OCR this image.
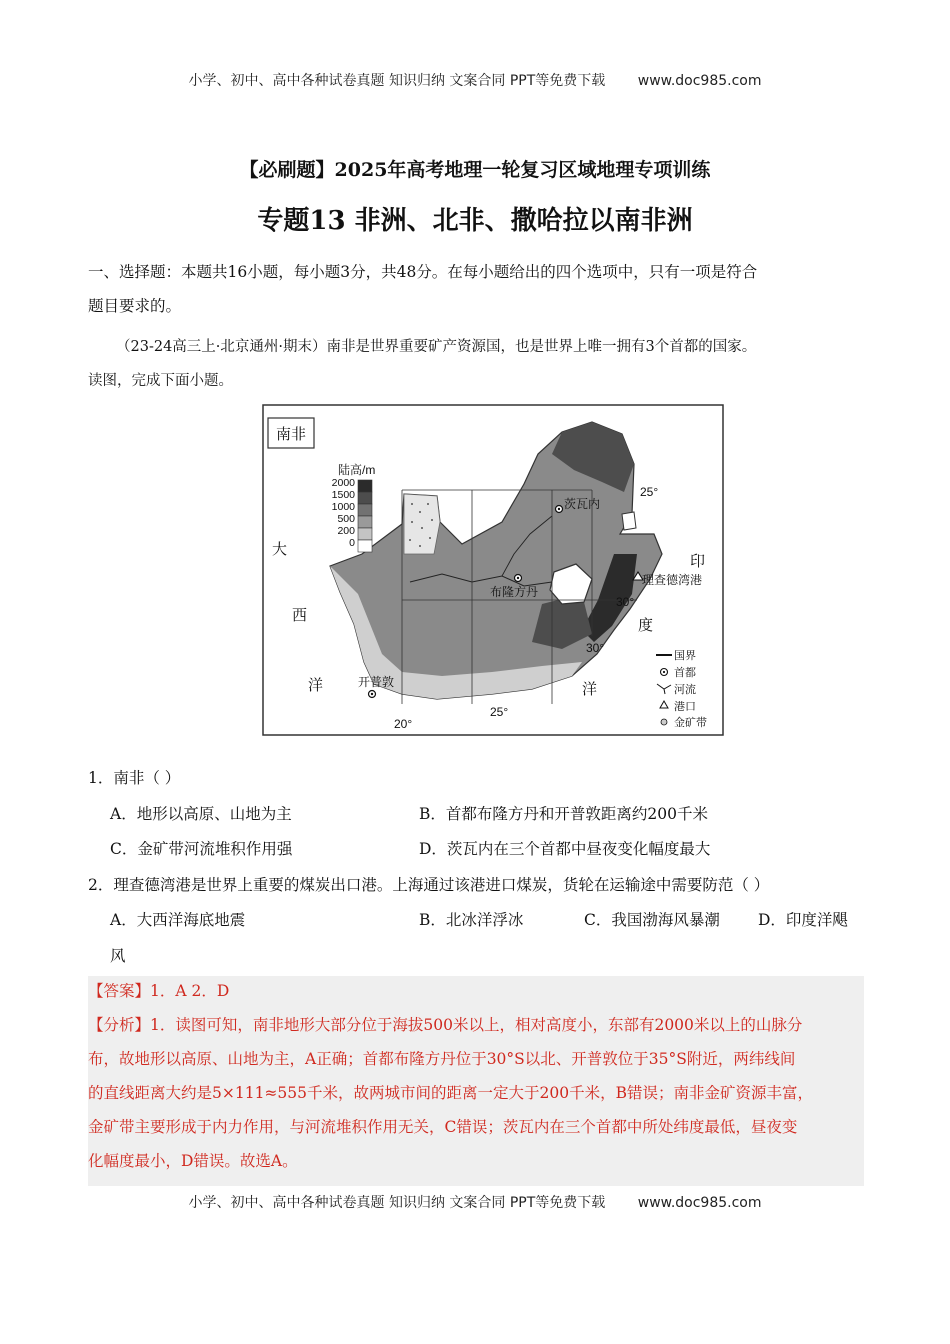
小学、初中、高中各种试卷真题 知识归纳 文案合同 PPT等免费下载 www.doc985.com
【必刷题】2025年高考地理一轮复习区域地理专项训练
专题13 非洲、北非、撒哈拉以南非洲
一、选择题：本题共16小题，每小题3分，共48分。在每小题给出的四个选项中，只有一项是符合
题目要求的。
（23-24高三上·北京通州·期末）南非是世界重要矿产资源国，也是世界上唯一拥有3个首都的国家。
读图，完成下面小题。
南非
25°
30°
30°
25°
20°
陆高/m
2000
1500
1000
500
200
0
茨瓦内
布隆方丹
开普敦
理查德湾港
大
西
洋
印
度
洋
国界
首都
河流
港口
金矿带
1．南非（ ）
A．地形以高原、山地为主	B．首都布隆方丹和开普敦距离约200千米
C．金矿带河流堆积作用强	D．茨瓦内在三个首都中昼夜变化幅度最大
2．理查德湾港是世界上重要的煤炭出口港。上海通过该港进口煤炭，货轮在运输途中需要防范（ ）
A．大西洋海底地震	B．北冰洋浮冰	C．我国渤海风暴潮 D．印度洋飓
风
【答案】1．A 2．D
【分析】1．读图可知，南非地形大部分位于海拔500米以上，相对高度小，东部有2000米以上的山脉分
布，故地形以高原、山地为主，A正确；首都布隆方丹位于30°S以北、开普敦位于35°S附近，两纬线间
的直线距离大约是5×111≈555千米，故两城市间的距离一定大于200千米，B错误；南非金矿资源丰富，
金矿带主要形成于内力作用，与河流堆积作用无关，C错误；茨瓦内在三个首都中所处纬度最低，昼夜变
化幅度最小，D错误。故选A。
小学、初中、高中各种试卷真题 知识归纳 文案合同 PPT等免费下载 www.doc985.com
